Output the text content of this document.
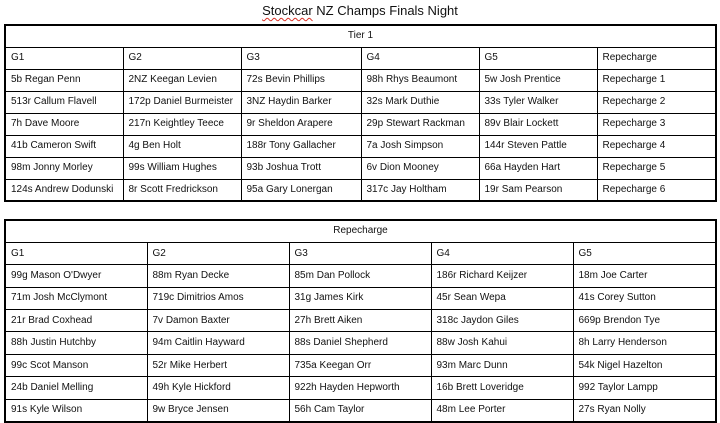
Stockcar NZ Champs Finals Night
Tier 1					
G1	G2	G3	G4	G5	Repecharge
5b Regan Penn	2NZ Keegan Levien	72s Bevin Phillips	98h Rhys Beaumont	5w Josh Prentice	Repecharge 1
513r Callum Flavell	172p Daniel Burmeister	3NZ Haydin Barker	32s Mark Duthie	33s Tyler Walker	Repecharge 2
7h Dave Moore	217n Keightley Teece	9r Sheldon Arapere	29p Stewart Rackman	89v Blair Lockett	Repecharge 3
41b Cameron Swift	4g Ben Holt	188r Tony Gallacher	7a Josh Simpson	144r Steven Pattle	Repecharge 4
98m Jonny Morley	99s William Hughes	93b Joshua Trott	6v Dion Mooney	66a Hayden Hart	Repecharge 5
124s Andrew Dodunski	8r Scott Fredrickson	95a Gary Lonergan	317c Jay Holtham	19r Sam Pearson	Repecharge 6
Repecharge				
G1	G2	G3	G4	G5
99g Mason O'Dwyer	88m Ryan Decke	85m Dan Pollock	186r Richard Keijzer	18m Joe Carter
71m Josh McClymont	719c Dimitrios Amos	31g James Kirk	45r Sean Wepa	41s Corey Sutton
21r Brad Coxhead	7v Damon Baxter	27h Brett Aiken	318c Jaydon Giles	669p Brendon Tye
88h Justin Hutchby	94m Caitlin Hayward	88s Daniel Shepherd	88w Josh Kahui	8h Larry Henderson
99c Scot Manson	52r Mike Herbert	735a Keegan Orr	93m Marc Dunn	54k Nigel Hazelton
24b Daniel Melling	49h Kyle Hickford	922h Hayden Hepworth	16b Brett Loveridge	992 Taylor Lampp
91s Kyle Wilson	9w Bryce Jensen	56h Cam Taylor	48m Lee Porter	27s Ryan Nolly
